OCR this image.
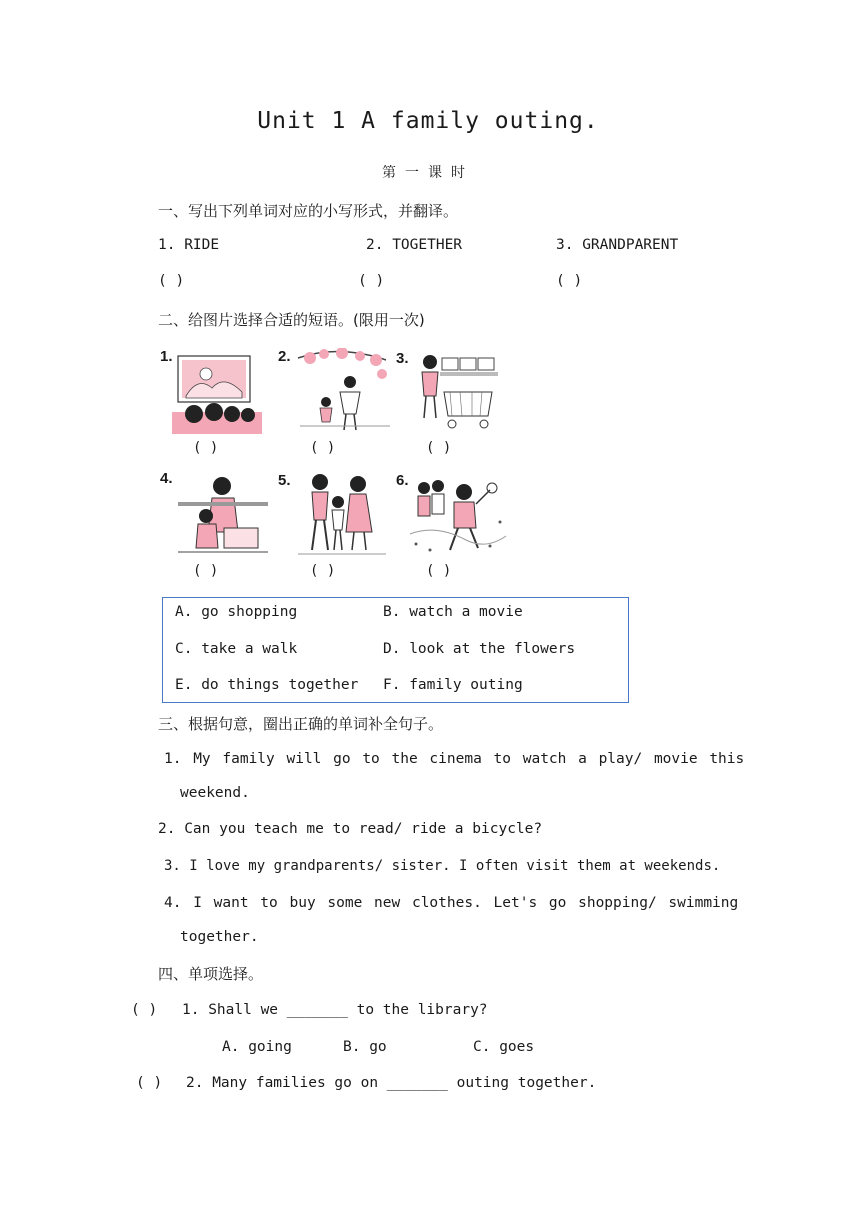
Unit 1 A family outing.
第一课时
一、写出下列单词对应的小写形式，并翻译。
1. RIDE	2. TOGETHER	3. GRANDPARENT
( )	( )	( )
二、给图片选择合适的短语。(限用一次)
1.
( )
2.
( )
3.
( )
4.
( )
5.
( )
6.
( )
A. go shopping	B. watch a movie
C. take a walk	D. look at the flowers
E. do things together F. family outing
三、根据句意，圈出正确的单词补全句子。
1. My family will go to the cinema to watch a play/ movie this
weekend.
2. Can you teach me to read/ ride a bicycle?
3. I love my grandparents/ sister. I often visit them at weekends.
4. I want to buy some new clothes. Let's go shopping/ swimming
together.
四、单项选择。
( ) 1. Shall we _______ to the library?
A. going	B. go	C. goes
( ) 2. Many families go on _______ outing together.
